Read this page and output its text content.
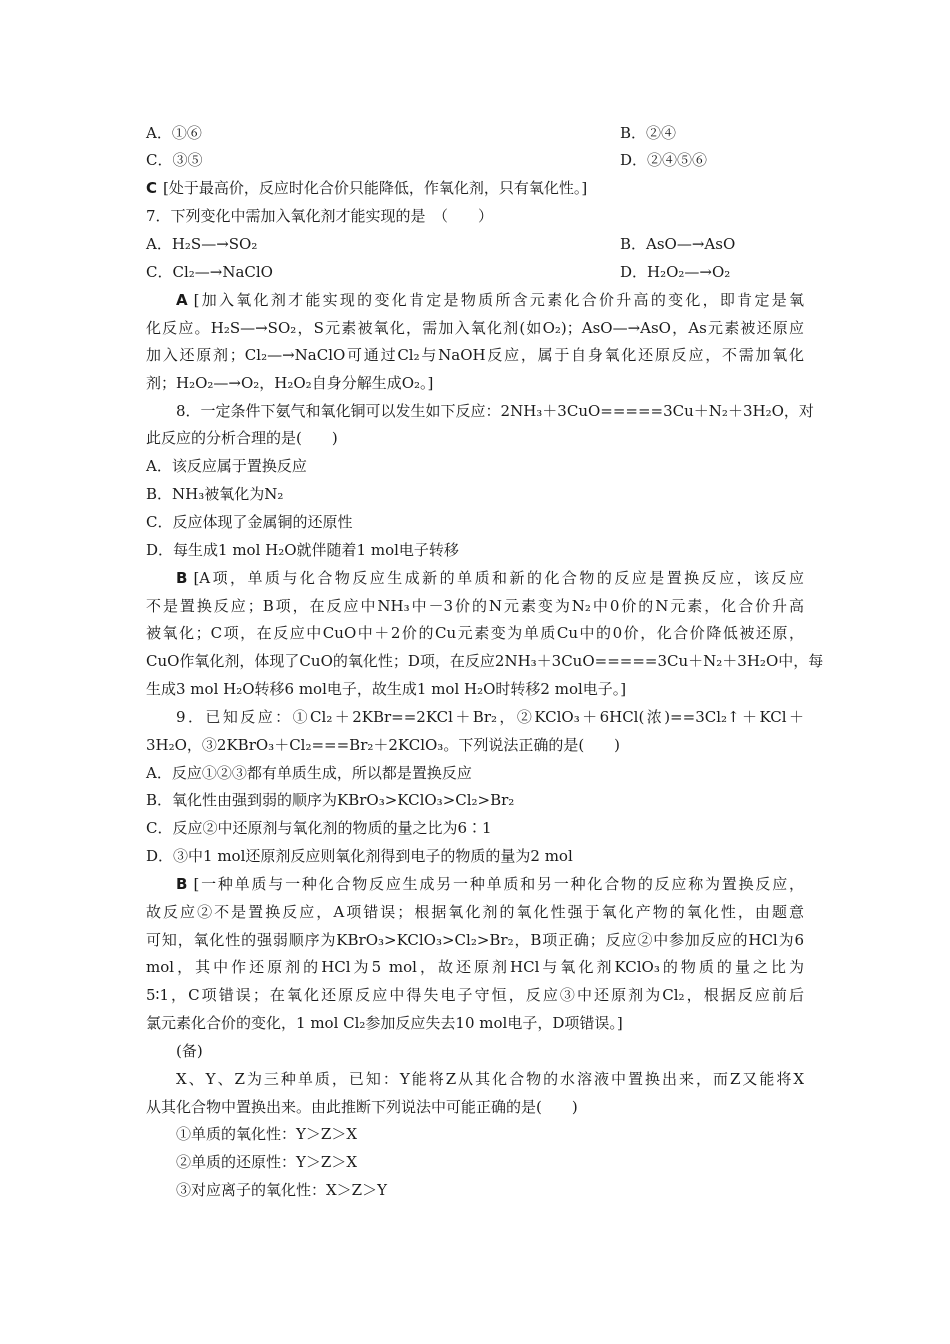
A．①⑥	B．②④
C．③⑤	D．②④⑤⑥
C [处于最高价，反应时化合价只能降低，作氧化剂，只有氧化性。]
7．下列变化中需加入氧化剂才能实现的是　（　　）
A．H₂S—→SO₂	B．AsO—→AsO
C．Cl₂—→NaClO	D．H₂O₂—→O₂
A [加入氧化剂才能实现的变化肯定是物质所含元素化合价升高的变化，即肯定是氧
化反应。H₂S—→SO₂，S元素被氧化，需加入氧化剂(如O₂)；AsO—→AsO，As元素被还原应
加入还原剂；Cl₂—→NaClO可通过Cl₂与NaOH反应，属于自身氧化还原反应，不需加氧化
剂；H₂O₂—→O₂，H₂O₂自身分解生成O₂。]
8．一定条件下氨气和氧化铜可以发生如下反应：2NH₃＋3CuO=====3Cu＋N₂＋3H₂O，对
此反应的分析合理的是(　　)
A．该反应属于置换反应
B．NH₃被氧化为N₂
C．反应体现了金属铜的还原性
D．每生成1 mol H₂O就伴随着1 mol电子转移
B [A项，单质与化合物反应生成新的单质和新的化合物的反应是置换反应，该反应
不是置换反应；B项，在反应中NH₃中－3价的N元素变为N₂中0价的N元素，化合价升高
被氧化；C项，在反应中CuO中＋2价的Cu元素变为单质Cu中的0价，化合价降低被还原，
CuO作氧化剂，体现了CuO的氧化性；D项，在反应2NH₃＋3CuO=====3Cu＋N₂＋3H₂O中，每
生成3 mol H₂O转移6 mol电子，故生成1 mol H₂O时转移2 mol电子。]
9．已知反应：①Cl₂＋2KBr==2KCl＋Br₂，②KClO₃＋6HCl(浓)==3Cl₂↑＋KCl＋
3H₂O，③2KBrO₃＋Cl₂===Br₂＋2KClO₃。下列说法正确的是(　　)
A．反应①②③都有单质生成，所以都是置换反应
B．氧化性由强到弱的顺序为KBrO₃>KClO₃>Cl₂>Br₂
C．反应②中还原剂与氧化剂的物质的量之比为6∶1
D．③中1 mol还原剂反应则氧化剂得到电子的物质的量为2 mol
B [一种单质与一种化合物反应生成另一种单质和另一种化合物的反应称为置换反应，
故反应②不是置换反应，A项错误；根据氧化剂的氧化性强于氧化产物的氧化性，由题意
可知，氧化性的强弱顺序为KBrO₃>KClO₃>Cl₂>Br₂，B项正确；反应②中参加反应的HCl为6
mol，其中作还原剂的HCl为5 mol，故还原剂HCl与氧化剂KClO₃的物质的量之比为
5∶1，C项错误；在氧化还原反应中得失电子守恒，反应③中还原剂为Cl₂，根据反应前后
氯元素化合价的变化，1 mol Cl₂参加反应失去10 mol电子，D项错误。]
(备)
X、Y、Z为三种单质，已知：Y能将Z从其化合物的水溶液中置换出来，而Z又能将X
从其化合物中置换出来。由此推断下列说法中可能正确的是(　　)
①单质的氧化性：Y＞Z＞X
②单质的还原性：Y＞Z＞X
③对应离子的氧化性：X＞Z＞Y
